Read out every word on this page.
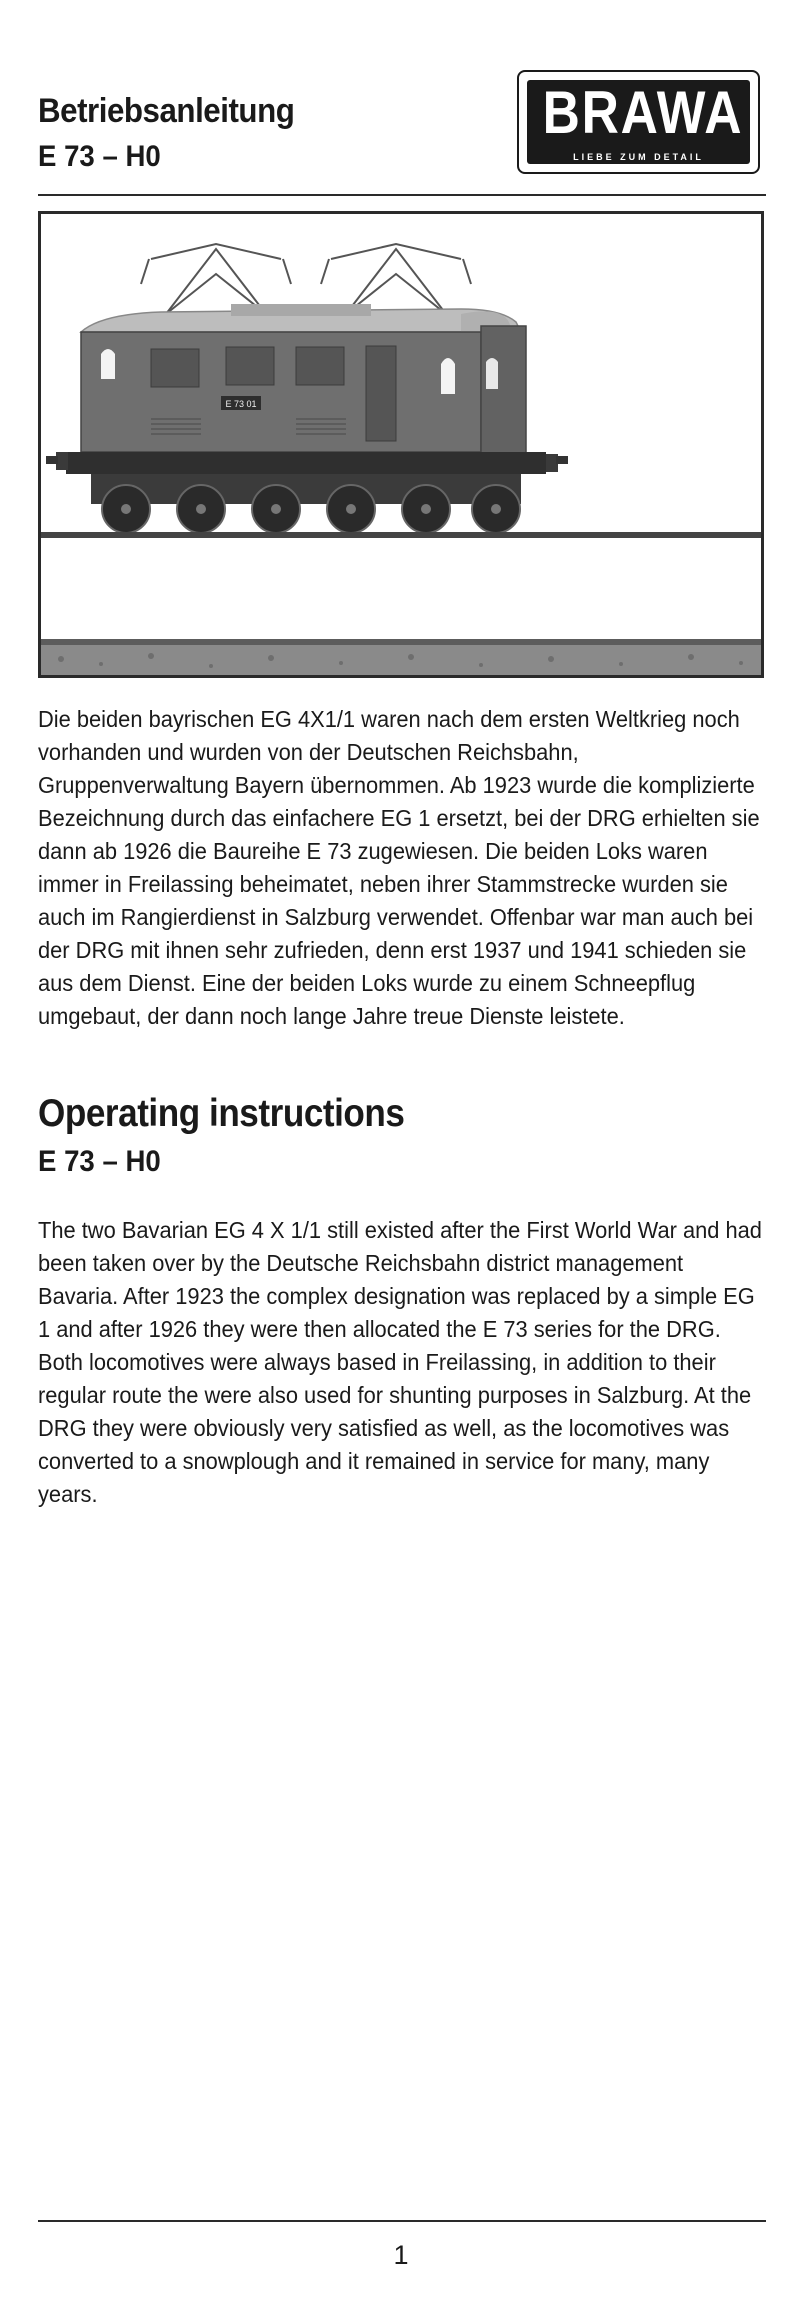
Betriebsanleitung
E 73 – H0
BRAWA
LIEBE ZUM DETAIL
E 73 01

Die beiden bayrischen EG 4X1/1 waren nach dem ersten Weltkrieg noch vorhanden und wurden von der Deutschen Reichsbahn, Gruppenverwaltung Bayern übernommen. Ab 1923 wurde die komplizierte Bezeichnung durch das einfachere EG 1 ersetzt, bei der DRG erhielten sie dann ab 1926 die Baureihe E 73 zugewiesen. Die beiden Loks waren immer in Freilassing beheimatet, neben ihrer Stammstrecke wurden sie auch im Rangierdienst in Salzburg verwendet. Offenbar war man auch bei der DRG mit ihnen sehr zufrieden, denn erst 1937 und 1941 schieden sie aus dem Dienst. Eine der beiden Loks wurde zu einem Schneepflug umgebaut, der dann noch lange Jahre treue Dienste leistete.

Operating instructions
E 73 – H0

The two Bavarian EG 4 X 1/1 still existed after the First World War and had been taken over by the Deutsche Reichsbahn district management Bavaria. After 1923 the complex designation was replaced by a simple EG 1 and after 1926 they were then allocated the E 73 series for the DRG. Both locomotives were always based in Freilassing, in addition to their regular route the were also used for shunting purposes in Salzburg. At the DRG they were obviously very satisfied as well, as the locomotives was converted to a snowplough and it remained in service for many, many years.

1
